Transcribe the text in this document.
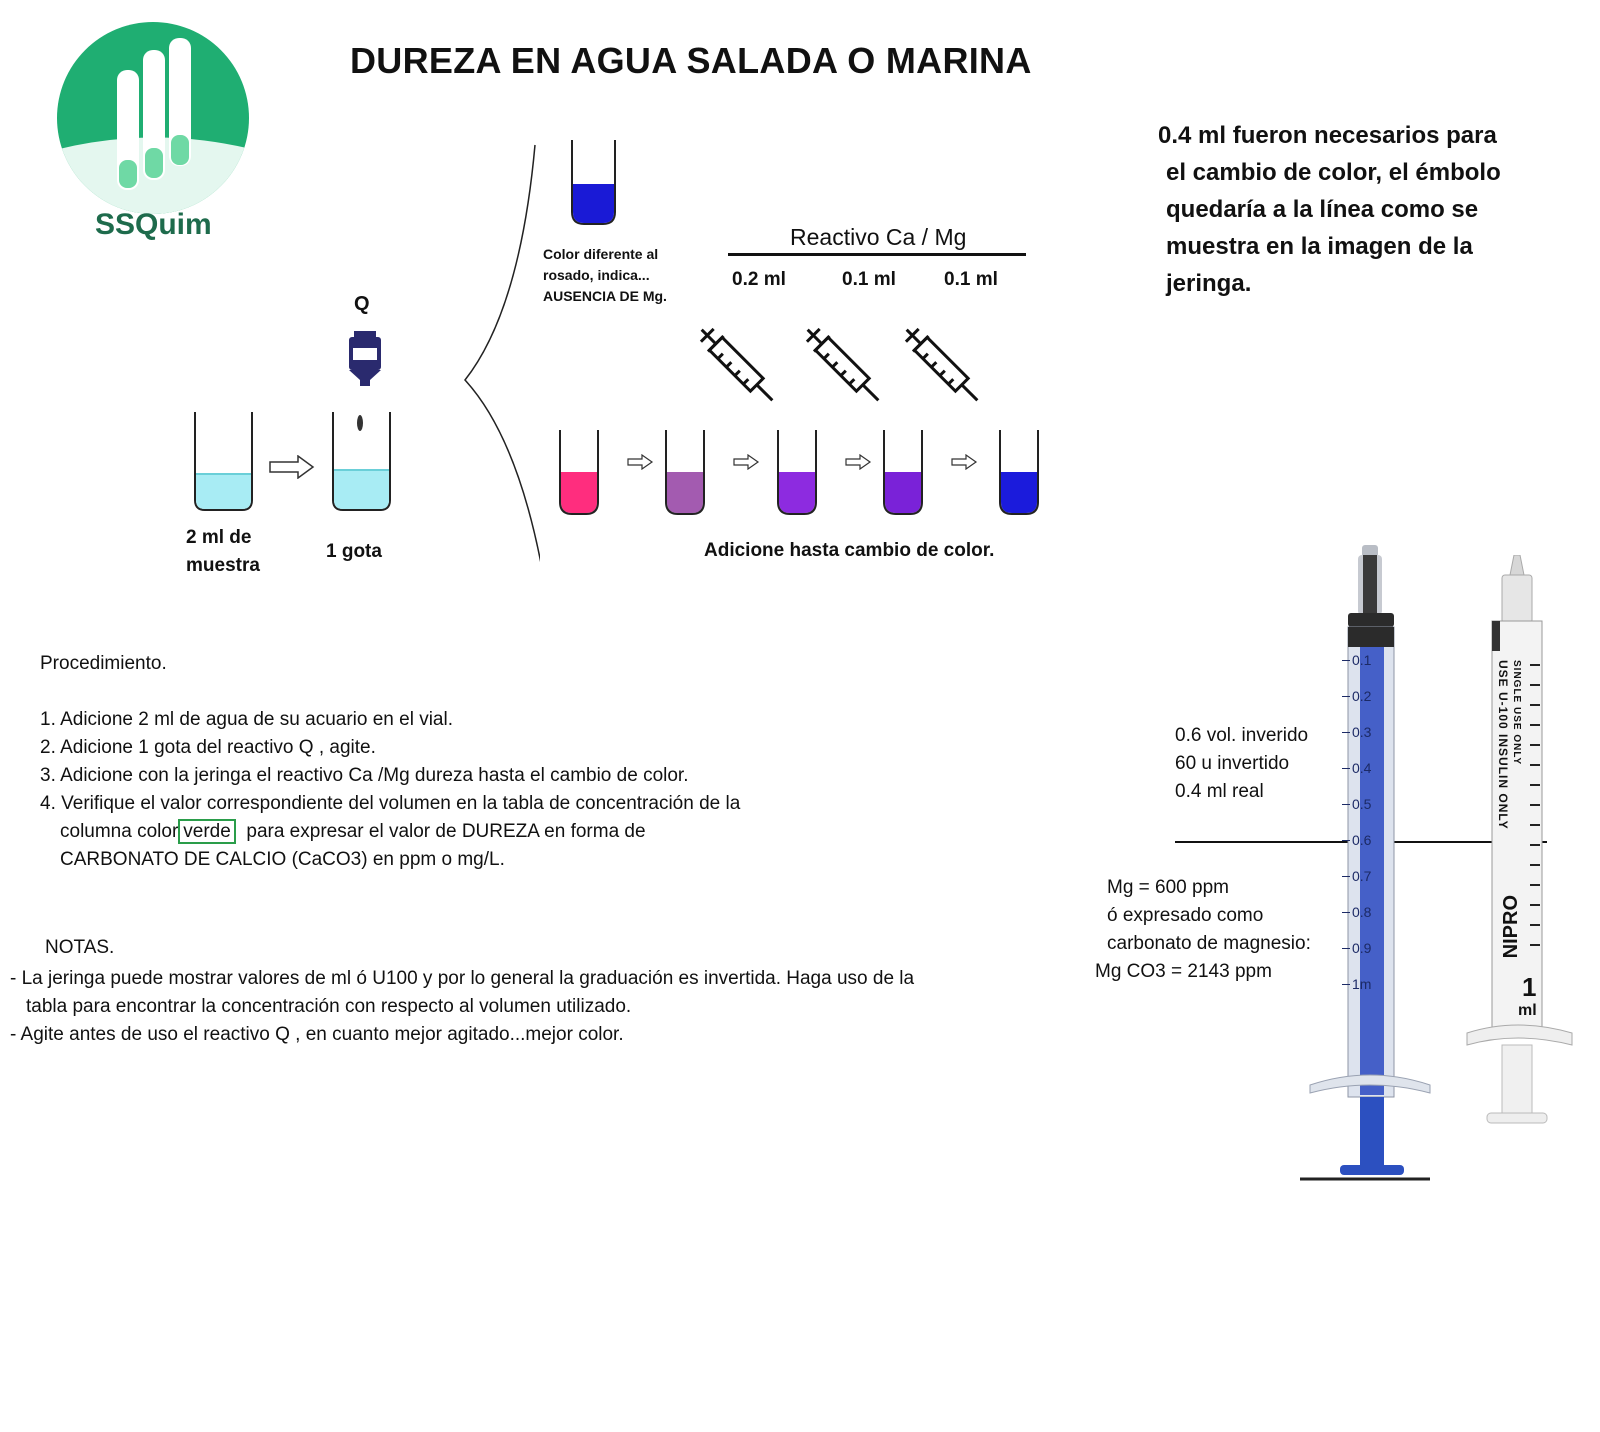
DUREZA EN AGUA SALADA O MARINA
SSQuim
Q
2 ml de
muestra
1 gota
Color diferente al
rosado, indica...
AUSENCIA DE Mg.
Reactivo Ca / Mg
0.2 ml	0.1 ml	0.1 ml
Adicione hasta cambio de color.
0.4 ml fueron necesarios para
el cambio de color, el émbolo
quedaría a la línea como se
muestra en la imagen de la
jeringa.

Procedimiento.

1. Adicione 2 ml de agua de su acuario en el vial.

2. Adicione 1 gota del reactivo Q , agite.

3. Adicione con la jeringa el reactivo Ca /Mg dureza hasta el cambio de color.

4. Verifique el valor correspondiente del volumen en la tabla de concentración de la

columna color verde para expresar el valor de DUREZA en forma de

CARBONATO DE CALCIO (CaCO3) en ppm o mg/L.

NOTAS.

- La jeringa puede mostrar valores de ml ó U100 y por lo general la graduación es invertida. Haga uso de la

tabla para encontrar la concentración con respecto al volumen utilizado.

- Agite antes de uso el reactivo Q , en cuanto mejor agitado...mejor color.

0.6 vol. inverido
60 u invertido
0.4 ml real
Mg = 600 ppm
ó expresado como
carbonato de magnesio:
Mg CO3 = 2143 ppm
0.1
0.2
0.3
0.4
0.5
0.6
0.7
0.8
0.9
1m
USE U-100 INSULIN ONLY SINGLE USE ONLY
NIPRO
1
ml
